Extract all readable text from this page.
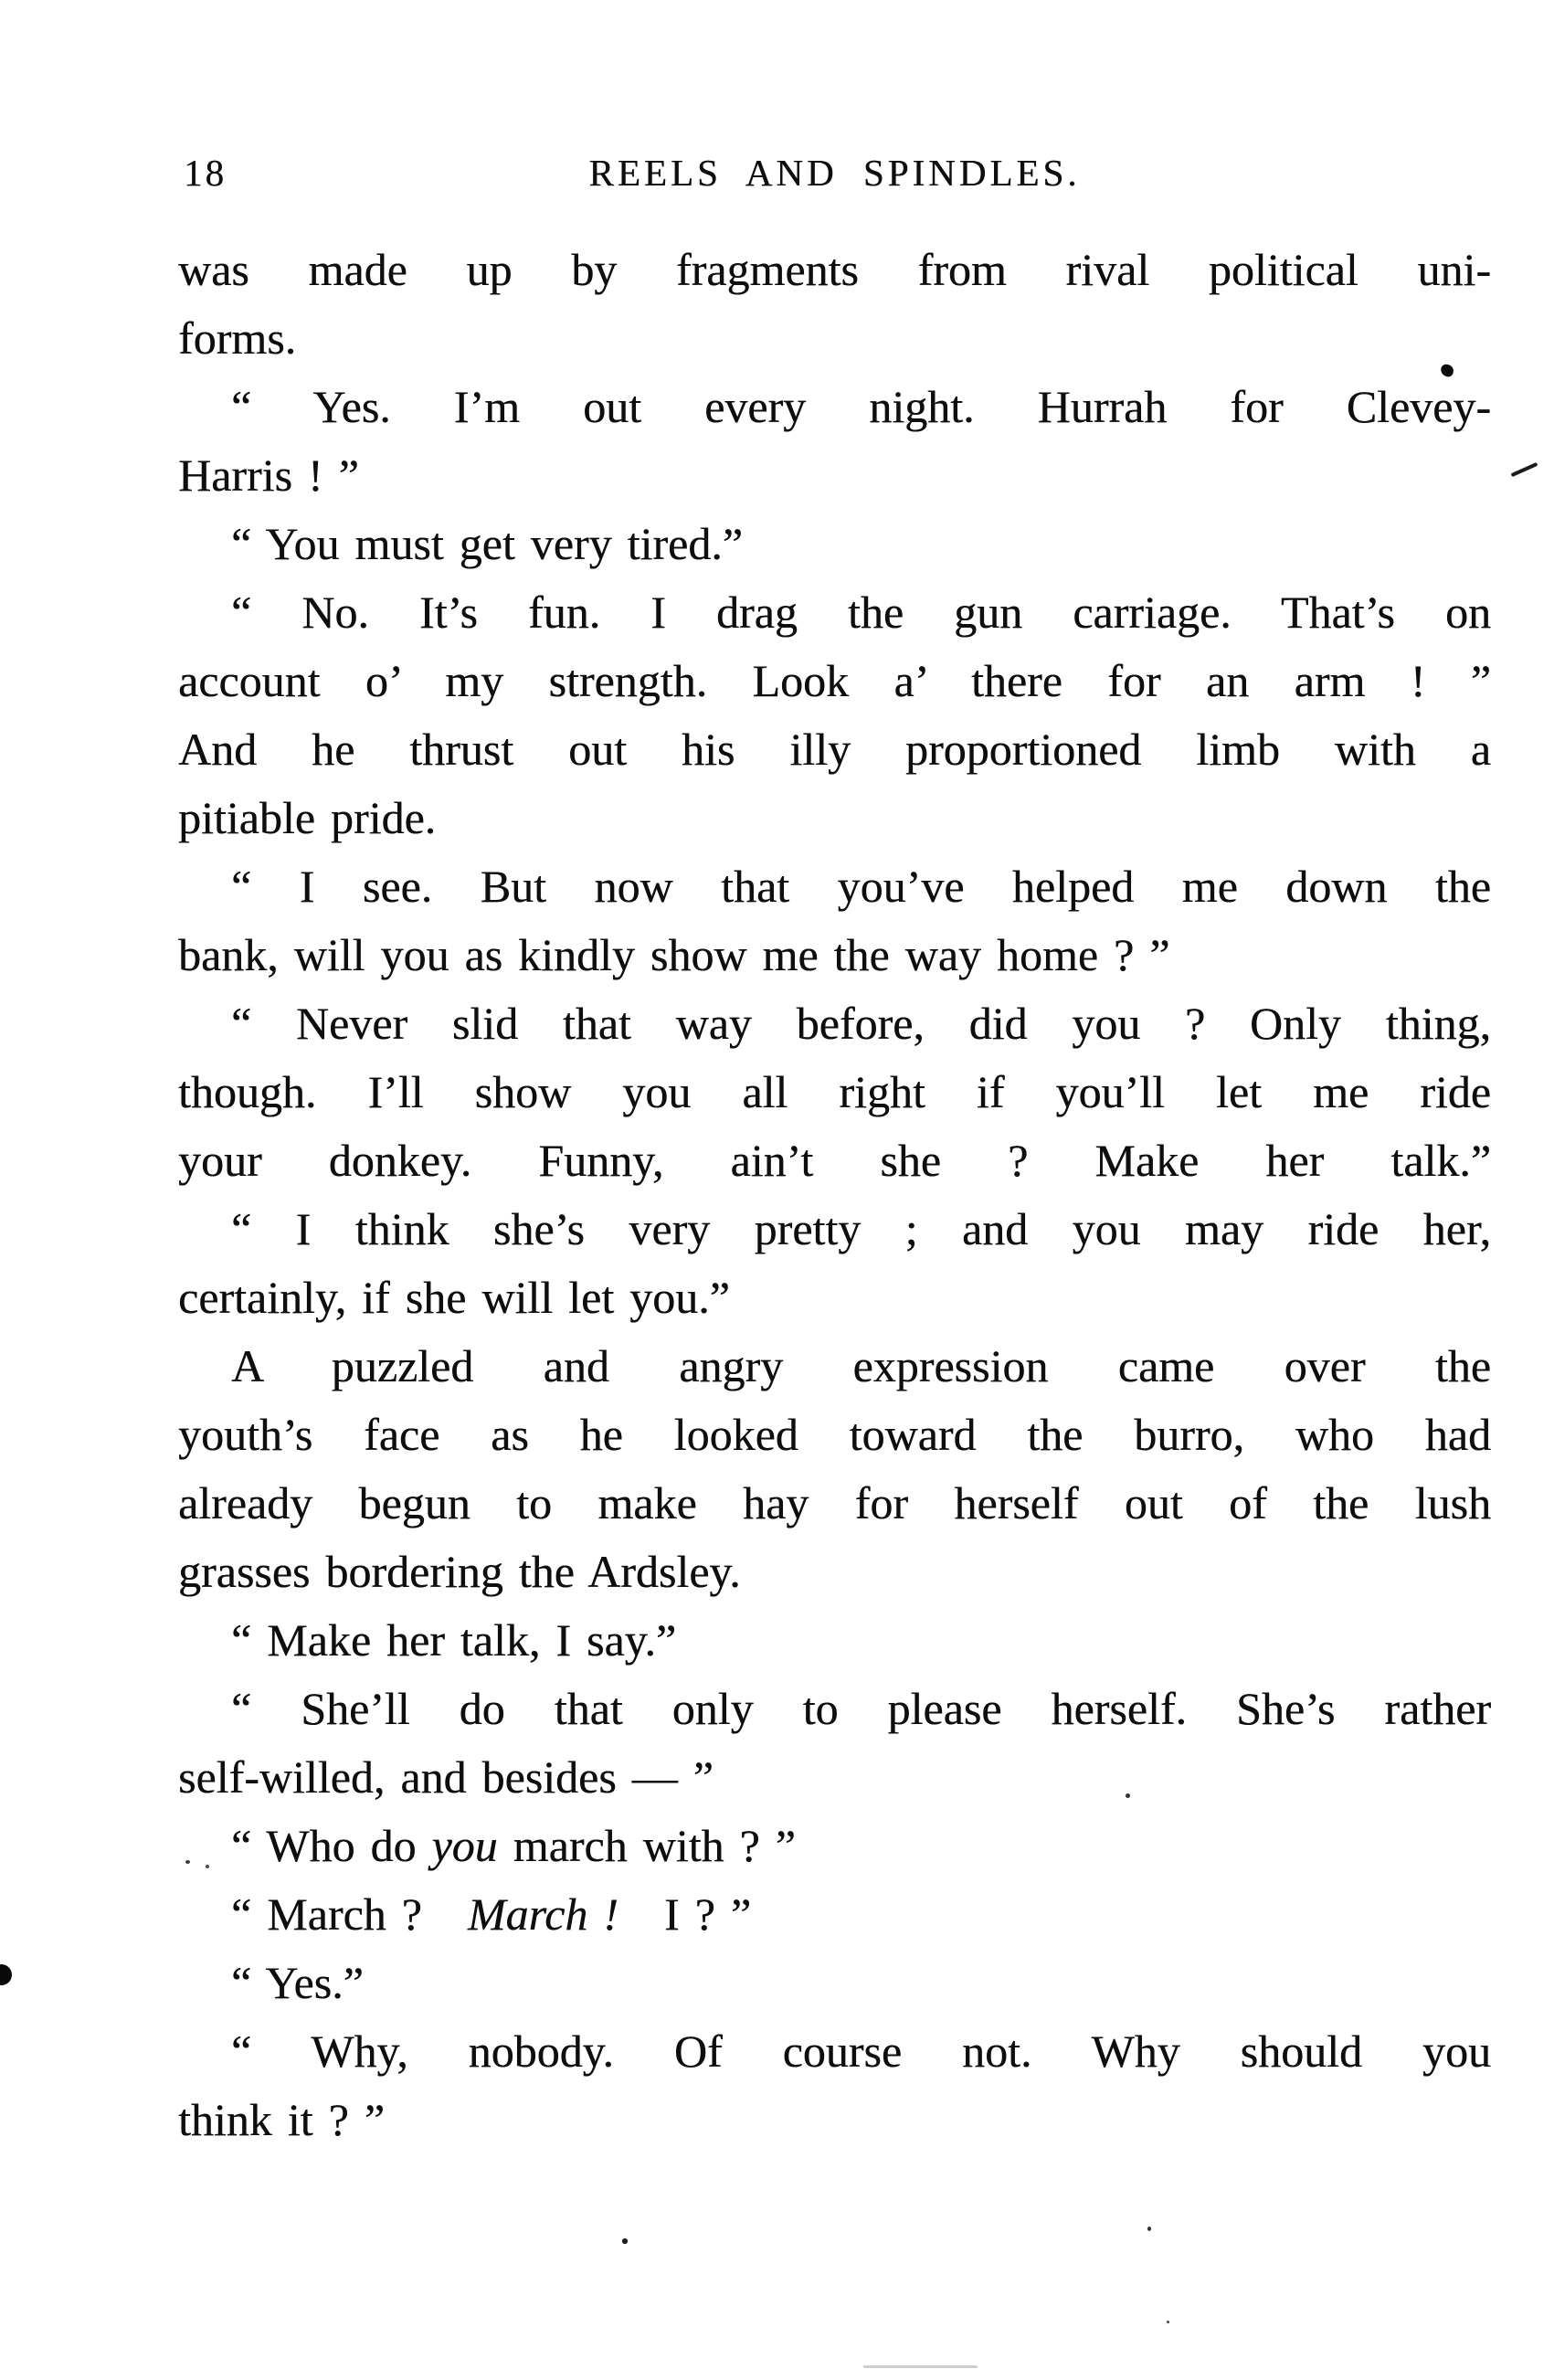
18	REELS AND SPINDLES.
was made up by fragments from rival political uni-
forms.
“ Yes. I’m out every night. Hurrah for Clevey-
Harris ! ”
“ You must get very tired.”
“ No. It’s fun. I drag the gun carriage. That’s on
account o’ my strength. Look a’ there for an arm ! ”
And he thrust out his illy proportioned limb with a
pitiable pride.
“ I see. But now that you’ve helped me down the
bank, will you as kindly show me the way home ? ”
“ Never slid that way before, did you ? Only thing,
though. I’ll show you all right if you’ll let me ride
your donkey. Funny, ain’t she ? Make her talk.”
“ I think she’s very pretty ; and you may ride her,
certainly, if she will let you.”
A puzzled and angry expression came over the
youth’s face as he looked toward the burro, who had
already begun to make hay for herself out of the lush
grasses bordering the Ardsley.
“ Make her talk, I say.”
“ She’ll do that only to please herself. She’s rather
self-willed, and besides — ”
“ Who do you march with ? ”
“ March ? March ! I ? ”
“ Yes.”
“ Why, nobody. Of course not. Why should you
think it ? ”
